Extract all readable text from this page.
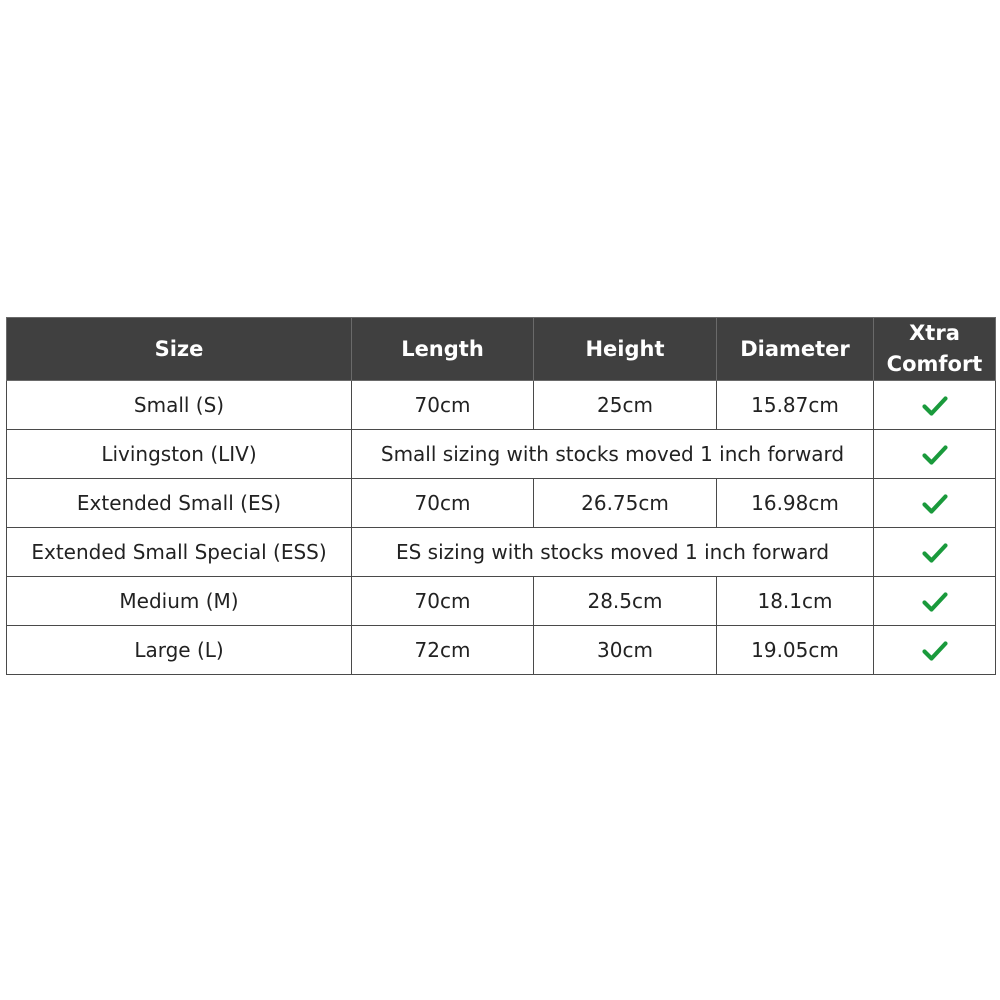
Size	Length	Height	Diameter	Xtra
Comfort
Small (S)	70cm	25cm	15.87cm	

Livingston (LIV)	Small sizing with stocks moved 1 inch forward	

Extended Small (ES)	70cm	26.75cm	16.98cm	

Extended Small Special (ESS)	ES sizing with stocks moved 1 inch forward	

Medium (M)	70cm	28.5cm	18.1cm	

Large (L)	72cm	30cm	19.05cm	
